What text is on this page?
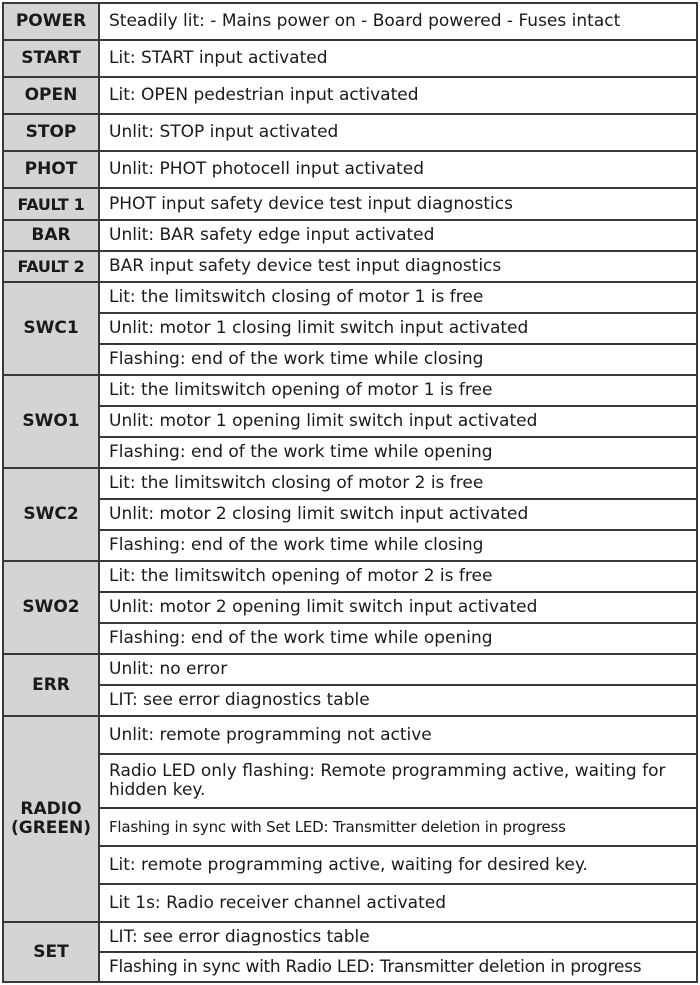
POWER	Steadily lit: - Mains power on - Board powered - Fuses intact
START	Lit: START input activated
OPEN	Lit: OPEN pedestrian input activated
STOP	Unlit: STOP input activated
PHOT	Unlit: PHOT photocell input activated
FAULT 1	PHOT input safety device test input diagnostics
BAR	Unlit: BAR safety edge input activated
FAULT 2	BAR input safety device test input diagnostics
SWC1	Lit: the limitswitch closing of motor 1 is free
	Unlit: motor 1 closing limit switch input activated
	Flashing: end of the work time while closing
SWO1	Lit: the limitswitch opening of motor 1 is free
	Unlit: motor 1 opening limit switch input activated
	Flashing: end of the work time while opening
SWC2	Lit: the limitswitch closing of motor 2 is free
	Unlit: motor 2 closing limit switch input activated
	Flashing: end of the work time while closing
SWO2	Lit: the limitswitch opening of motor 2 is free
	Unlit: motor 2 opening limit switch input activated
	Flashing: end of the work time while opening
ERR	Unlit: no error
	LIT: see error diagnostics table

RADIO
(GREEN)	Unlit: remote programming not active
	Radio LED only flashing: Remote programming active, waiting for hidden key.
	Flashing in sync with Set LED: Transmitter deletion in progress
	Lit: remote programming active, waiting for desired key.
	Lit 1s: Radio receiver channel activated
SET	LIT: see error diagnostics table
	Flashing in sync with Radio LED: Transmitter deletion in progress
